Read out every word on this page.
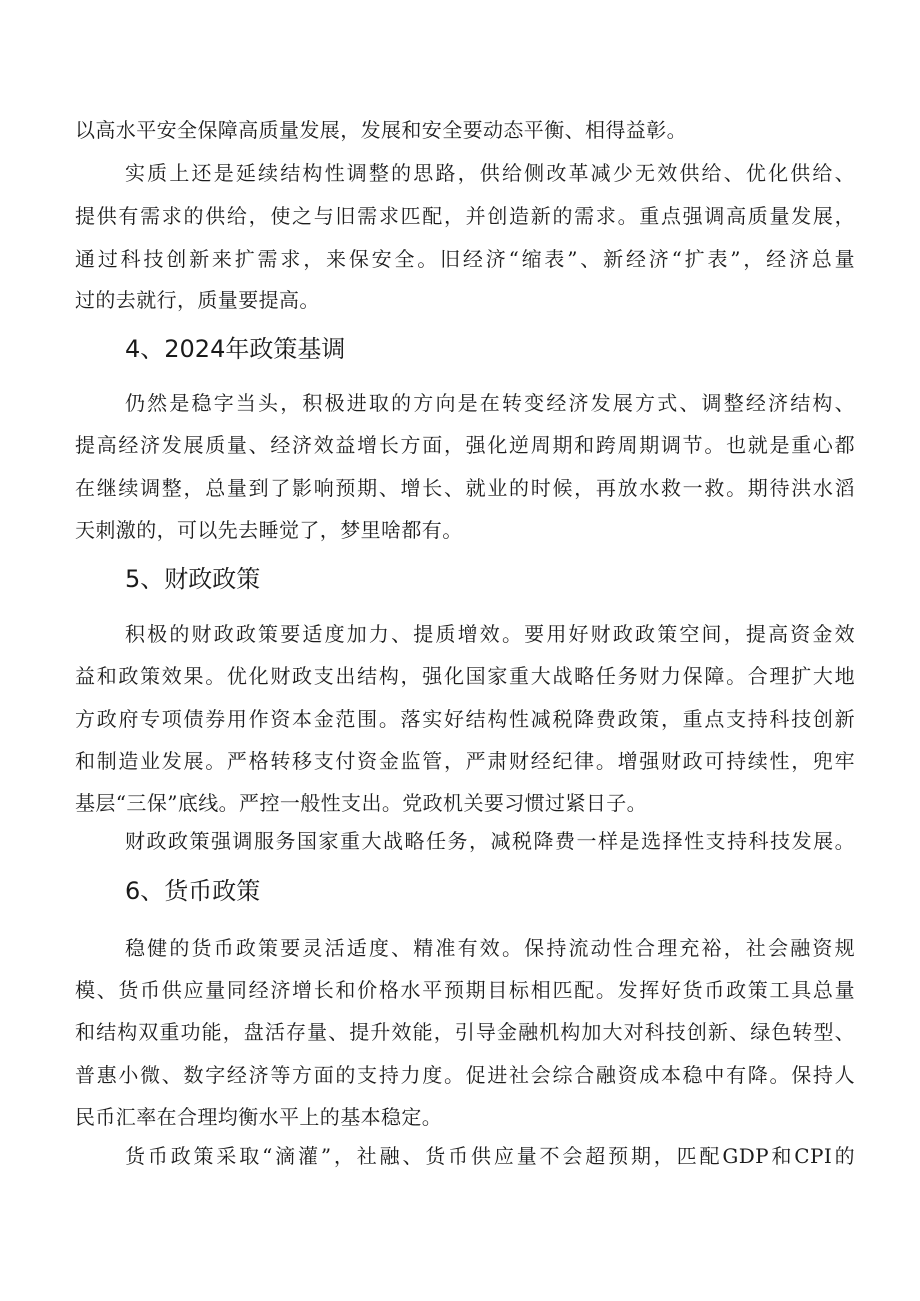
以高水平安全保障高质量发展，发展和安全要动态平衡、相得益彰。
实质上还是延续结构性调整的思路，供给侧改革减少无效供给、优化供给、
提供有需求的供给，使之与旧需求匹配，并创造新的需求。重点强调高质量发展，
通过科技创新来扩需求，来保安全。旧经济“缩表”、新经济“扩表”，经济总量
过的去就行，质量要提高。
4、2024年政策基调
仍然是稳字当头，积极进取的方向是在转变经济发展方式、调整经济结构、
提高经济发展质量、经济效益增长方面，强化逆周期和跨周期调节。也就是重心都
在继续调整，总量到了影响预期、增长、就业的时候，再放水救一救。期待洪水滔
天刺激的，可以先去睡觉了，梦里啥都有。
5、财政政策
积极的财政政策要适度加力、提质增效。要用好财政政策空间，提高资金效
益和政策效果。优化财政支出结构，强化国家重大战略任务财力保障。合理扩大地
方政府专项债券用作资本金范围。落实好结构性减税降费政策，重点支持科技创新
和制造业发展。严格转移支付资金监管，严肃财经纪律。增强财政可持续性，兜牢
基层“三保”底线。严控一般性支出。党政机关要习惯过紧日子。
财政政策强调服务国家重大战略任务，减税降费一样是选择性支持科技发展。
6、货币政策
稳健的货币政策要灵活适度、精准有效。保持流动性合理充裕，社会融资规
模、货币供应量同经济增长和价格水平预期目标相匹配。发挥好货币政策工具总量
和结构双重功能，盘活存量、提升效能，引导金融机构加大对科技创新、绿色转型、
普惠小微、数字经济等方面的支持力度。促进社会综合融资成本稳中有降。保持人
民币汇率在合理均衡水平上的基本稳定。
货币政策采取“滴灌”，社融、货币供应量不会超预期，匹配GDP和CPI的
